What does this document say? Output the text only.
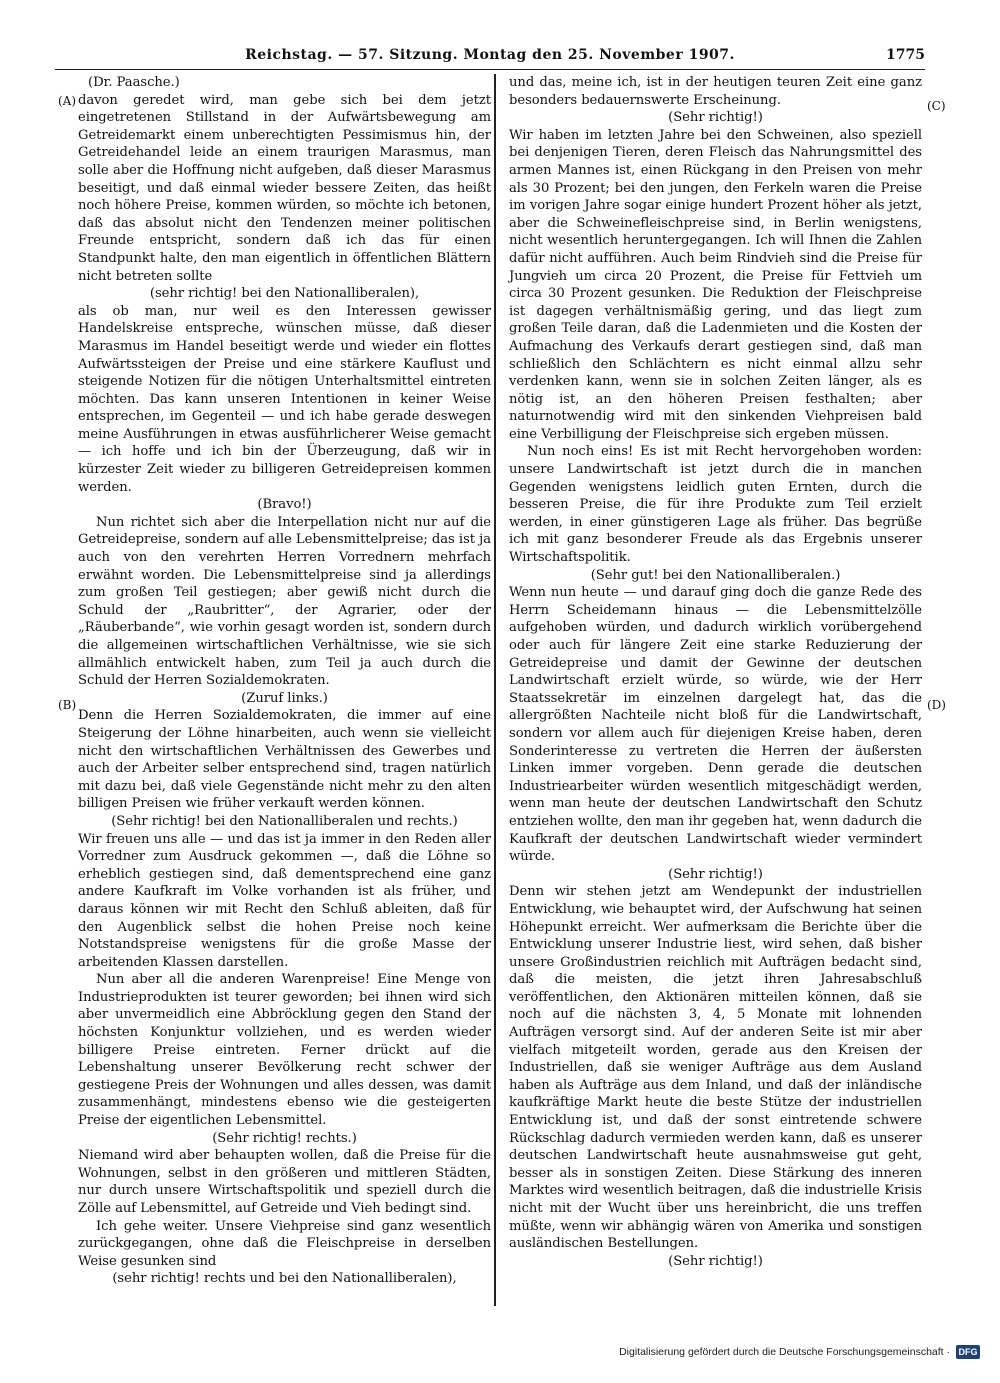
Reichstag. — 57. Sitzung. Montag den 25. November 1907.	1775
(A)
(B)
(C)
(D)

(Dr. Paasche.)

davon geredet wird, man gebe sich bei dem jetzt eingetretenen Stillstand in der Aufwärtsbewegung am Getreidemarkt einem unberechtigten Pessimismus hin, der Getreidehandel leide an einem traurigen Marasmus, man solle aber die Hoffnung nicht aufgeben, daß dieser Marasmus beseitigt, und daß einmal wieder bessere Zeiten, das heißt noch höhere Preise, kommen würden, so möchte ich betonen, daß das absolut nicht den Tendenzen meiner politischen Freunde entspricht, sondern daß ich das für einen Standpunkt halte, den man eigentlich in öffentlichen Blättern nicht betreten sollte

(sehr richtig! bei den Nationalliberalen),

als ob man, nur weil es den Interessen gewisser Handelskreise entspreche, wünschen müsse, daß dieser Marasmus im Handel beseitigt werde und wieder ein flottes Aufwärtssteigen der Preise und eine stärkere Kauflust und steigende Notizen für die nötigen Unterhaltsmittel eintreten möchten. Das kann unseren Intentionen in keiner Weise entsprechen, im Gegenteil — und ich habe gerade deswegen meine Ausführungen in etwas ausführlicherer Weise gemacht — ich hoffe und ich bin der Überzeugung, daß wir in kürzester Zeit wieder zu billigeren Getreidepreisen kommen werden.

(Bravo!)

Nun richtet sich aber die Interpellation nicht nur auf die Getreidepreise, sondern auf alle Lebensmittelpreise; das ist ja auch von den verehrten Herren Vorrednern mehrfach erwähnt worden. Die Lebensmittelpreise sind ja allerdings zum großen Teil gestiegen; aber gewiß nicht durch die Schuld der „Raubritter“, der Agrarier, oder der „Räuberbande“, wie vorhin gesagt worden ist, sondern durch die allgemeinen wirtschaftlichen Verhältnisse, wie sie sich allmählich entwickelt haben, zum Teil ja auch durch die Schuld der Herren Sozialdemokraten.

(Zuruf links.)

Denn die Herren Sozialdemokraten, die immer auf eine Steigerung der Löhne hinarbeiten, auch wenn sie vielleicht nicht den wirtschaftlichen Verhältnissen des Gewerbes und auch der Arbeiter selber entsprechend sind, tragen natürlich mit dazu bei, daß viele Gegenstände nicht mehr zu den alten billigen Preisen wie früher verkauft werden können.

(Sehr richtig! bei den Nationalliberalen und rechts.)

Wir freuen uns alle — und das ist ja immer in den Reden aller Vorredner zum Ausdruck gekommen —, daß die Löhne so erheblich gestiegen sind, daß dementsprechend eine ganz andere Kaufkraft im Volke vorhanden ist als früher, und daraus können wir mit Recht den Schluß ableiten, daß für den Augenblick selbst die hohen Preise noch keine Notstandspreise wenigstens für die große Masse der arbeitenden Klassen darstellen.

Nun aber all die anderen Warenpreise! Eine Menge von Industrieprodukten ist teurer geworden; bei ihnen wird sich aber unvermeidlich eine Abbröcklung gegen den Stand der höchsten Konjunktur vollziehen, und es werden wieder billigere Preise eintreten. Ferner drückt auf die Lebenshaltung unserer Bevölkerung recht schwer der gestiegene Preis der Wohnungen und alles dessen, was damit zusammenhängt, mindestens ebenso wie die gesteigerten Preise der eigentlichen Lebensmittel.

(Sehr richtig! rechts.)

Niemand wird aber behaupten wollen, daß die Preise für die Wohnungen, selbst in den größeren und mittleren Städten, nur durch unsere Wirtschaftspolitik und speziell durch die Zölle auf Lebensmittel, auf Getreide und Vieh bedingt sind.

Ich gehe weiter. Unsere Viehpreise sind ganz wesentlich zurückgegangen, ohne daß die Fleischpreise in derselben Weise gesunken sind

(sehr richtig! rechts und bei den Nationalliberalen),

und das, meine ich, ist in der heutigen teuren Zeit eine ganz besonders bedauernswerte Erscheinung.

(Sehr richtig!)

Wir haben im letzten Jahre bei den Schweinen, also speziell bei denjenigen Tieren, deren Fleisch das Nahrungsmittel des armen Mannes ist, einen Rückgang in den Preisen von mehr als 30 Prozent; bei den jungen, den Ferkeln waren die Preise im vorigen Jahre sogar einige hundert Prozent höher als jetzt, aber die Schweinefleischpreise sind, in Berlin wenigstens, nicht wesentlich heruntergegangen. Ich will Ihnen die Zahlen dafür nicht aufführen. Auch beim Rindvieh sind die Preise für Jungvieh um circa 20 Prozent, die Preise für Fettvieh um circa 30 Prozent gesunken. Die Reduktion der Fleischpreise ist dagegen verhältnismäßig gering, und das liegt zum großen Teile daran, daß die Ladenmieten und die Kosten der Aufmachung des Verkaufs derart gestiegen sind, daß man schließlich den Schlächtern es nicht einmal allzu sehr verdenken kann, wenn sie in solchen Zeiten länger, als es nötig ist, an den höheren Preisen festhalten; aber naturnotwendig wird mit den sinkenden Viehpreisen bald eine Verbilligung der Fleischpreise sich ergeben müssen.

Nun noch eins! Es ist mit Recht hervorgehoben worden: unsere Landwirtschaft ist jetzt durch die in manchen Gegenden wenigstens leidlich guten Ernten, durch die besseren Preise, die für ihre Produkte zum Teil erzielt werden, in einer günstigeren Lage als früher. Das begrüße ich mit ganz besonderer Freude als das Ergebnis unserer Wirtschaftspolitik.

(Sehr gut! bei den Nationalliberalen.)

Wenn nun heute — und darauf ging doch die ganze Rede des Herrn Scheidemann hinaus — die Lebensmittelzölle aufgehoben würden, und dadurch wirklich vorübergehend oder auch für längere Zeit eine starke Reduzierung der Getreidepreise und damit der Gewinne der deutschen Landwirtschaft erzielt würde, so würde, wie der Herr Staatssekretär im einzelnen dargelegt hat, das die allergrößten Nachteile nicht bloß für die Landwirtschaft, sondern vor allem auch für diejenigen Kreise haben, deren Sonderinteresse zu vertreten die Herren der äußersten Linken immer vorgeben. Denn gerade die deutschen Industriearbeiter würden wesentlich mitgeschädigt werden, wenn man heute der deutschen Landwirtschaft den Schutz entziehen wollte, den man ihr gegeben hat, wenn dadurch die Kaufkraft der deutschen Landwirtschaft wieder vermindert würde.

(Sehr richtig!)

Denn wir stehen jetzt am Wendepunkt der industriellen Entwicklung, wie behauptet wird, der Aufschwung hat seinen Höhepunkt erreicht. Wer aufmerksam die Berichte über die Entwicklung unserer Industrie liest, wird sehen, daß bisher unsere Großindustrien reichlich mit Aufträgen bedacht sind, daß die meisten, die jetzt ihren Jahresabschluß veröffentlichen, den Aktionären mitteilen können, daß sie noch auf die nächsten 3, 4, 5 Monate mit lohnenden Aufträgen versorgt sind. Auf der anderen Seite ist mir aber vielfach mitgeteilt worden, gerade aus den Kreisen der Industriellen, daß sie weniger Aufträge aus dem Ausland haben als Aufträge aus dem Inland, und daß der inländische kaufkräftige Markt heute die beste Stütze der industriellen Entwicklung ist, und daß der sonst eintretende schwere Rückschlag dadurch vermieden werden kann, daß es unserer deutschen Landwirtschaft heute ausnahmsweise gut geht, besser als in sonstigen Zeiten. Diese Stärkung des inneren Marktes wird wesentlich beitragen, daß die industrielle Krisis nicht mit der Wucht über uns hereinbricht, die uns treffen müßte, wenn wir abhängig wären von Amerika und sonstigen ausländischen Bestellungen.

(Sehr richtig!)

Digitalisierung gefördert durch die Deutsche Forschungsgemeinschaft · DFG
